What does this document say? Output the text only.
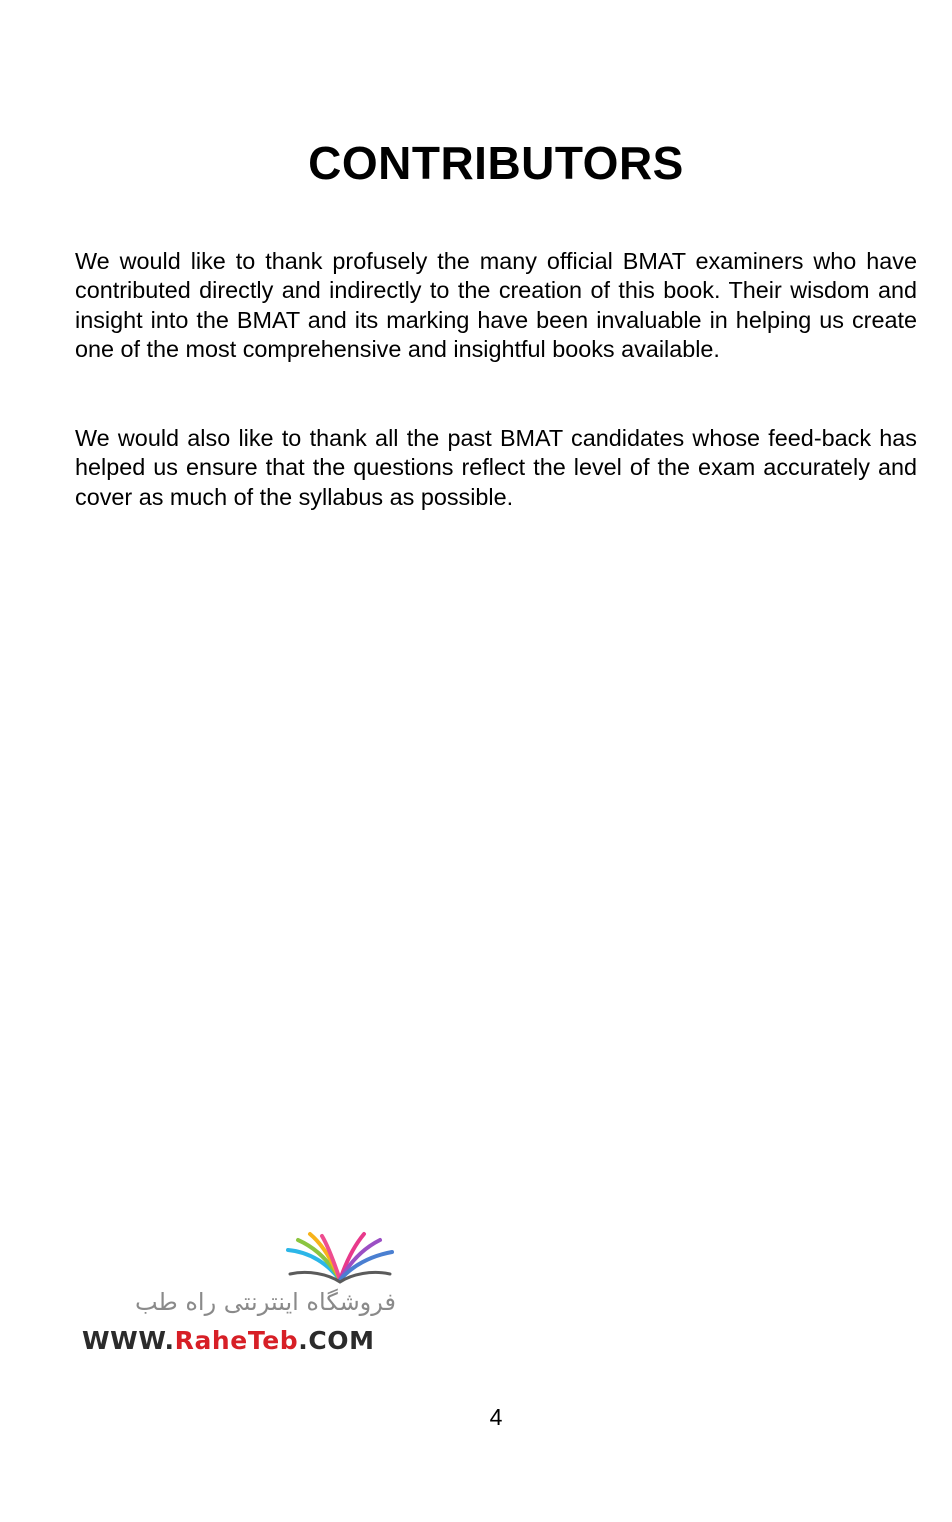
CONTRIBUTORS

We would like to thank profusely the many official BMAT examiners who have contributed directly and indirectly to the creation of this book. Their wisdom and insight into the BMAT and its marking have been invaluable in helping us create one of the most comprehensive and insightful books available.

We would also like to thank all the past BMAT candidates whose feed-back has helped us ensure that the questions reflect the level of the exam accurately and cover as much of the syllabus as possible.

فروشگاه اینترنتی راه طب
WWW.RaheTeb.COM
4
